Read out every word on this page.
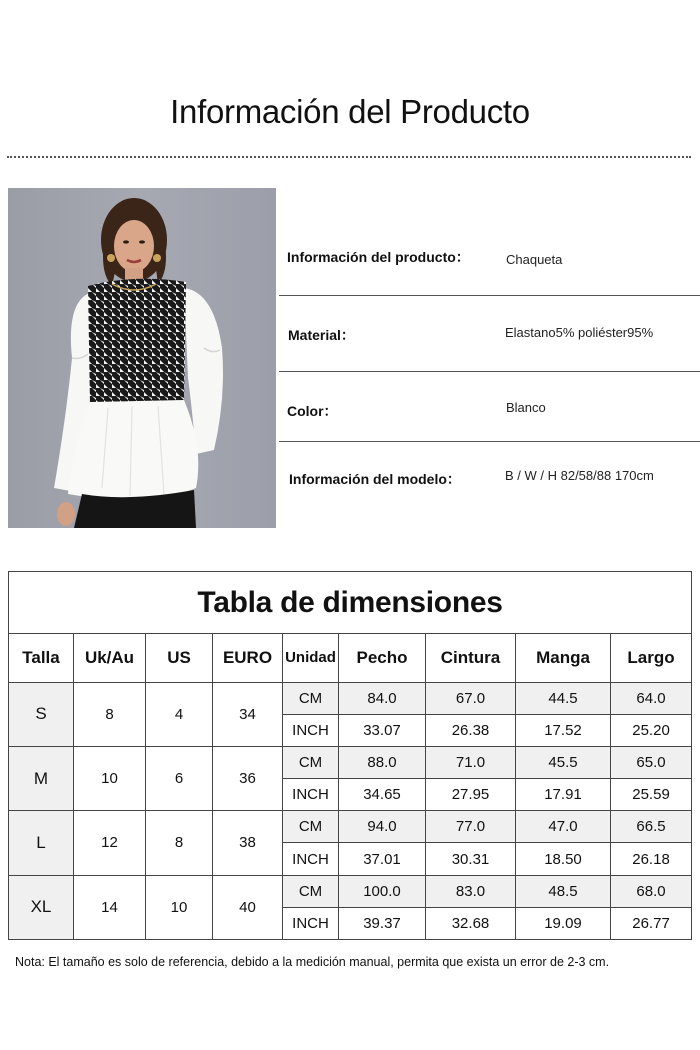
Información del Producto
Información del producto：	Chaqueta
Material：	Elastano5% poliéster95%
Color：	Blanco
Información del modelo：	B / W / H 82/58/88 170cm
Tabla de dimensiones								
Talla	Uk/Au	US	EURO	Unidad	Pecho	Cintura	Manga	Largo
S	8	4	34	CM	84.0	67.0	44.5	64.0
				INCH	33.07	26.38	17.52	25.20
M	10	6	36	CM	88.0	71.0	45.5	65.0
				INCH	34.65	27.95	17.91	25.59
L	12	8	38	CM	94.0	77.0	47.0	66.5
				INCH	37.01	30.31	18.50	26.18
XL	14	10	40	CM	100.0	83.0	48.5	68.0
				INCH	39.37	32.68	19.09	26.77
Nota: El tamaño es solo de referencia, debido a la medición manual, permita que exista un error de 2-3 cm.
